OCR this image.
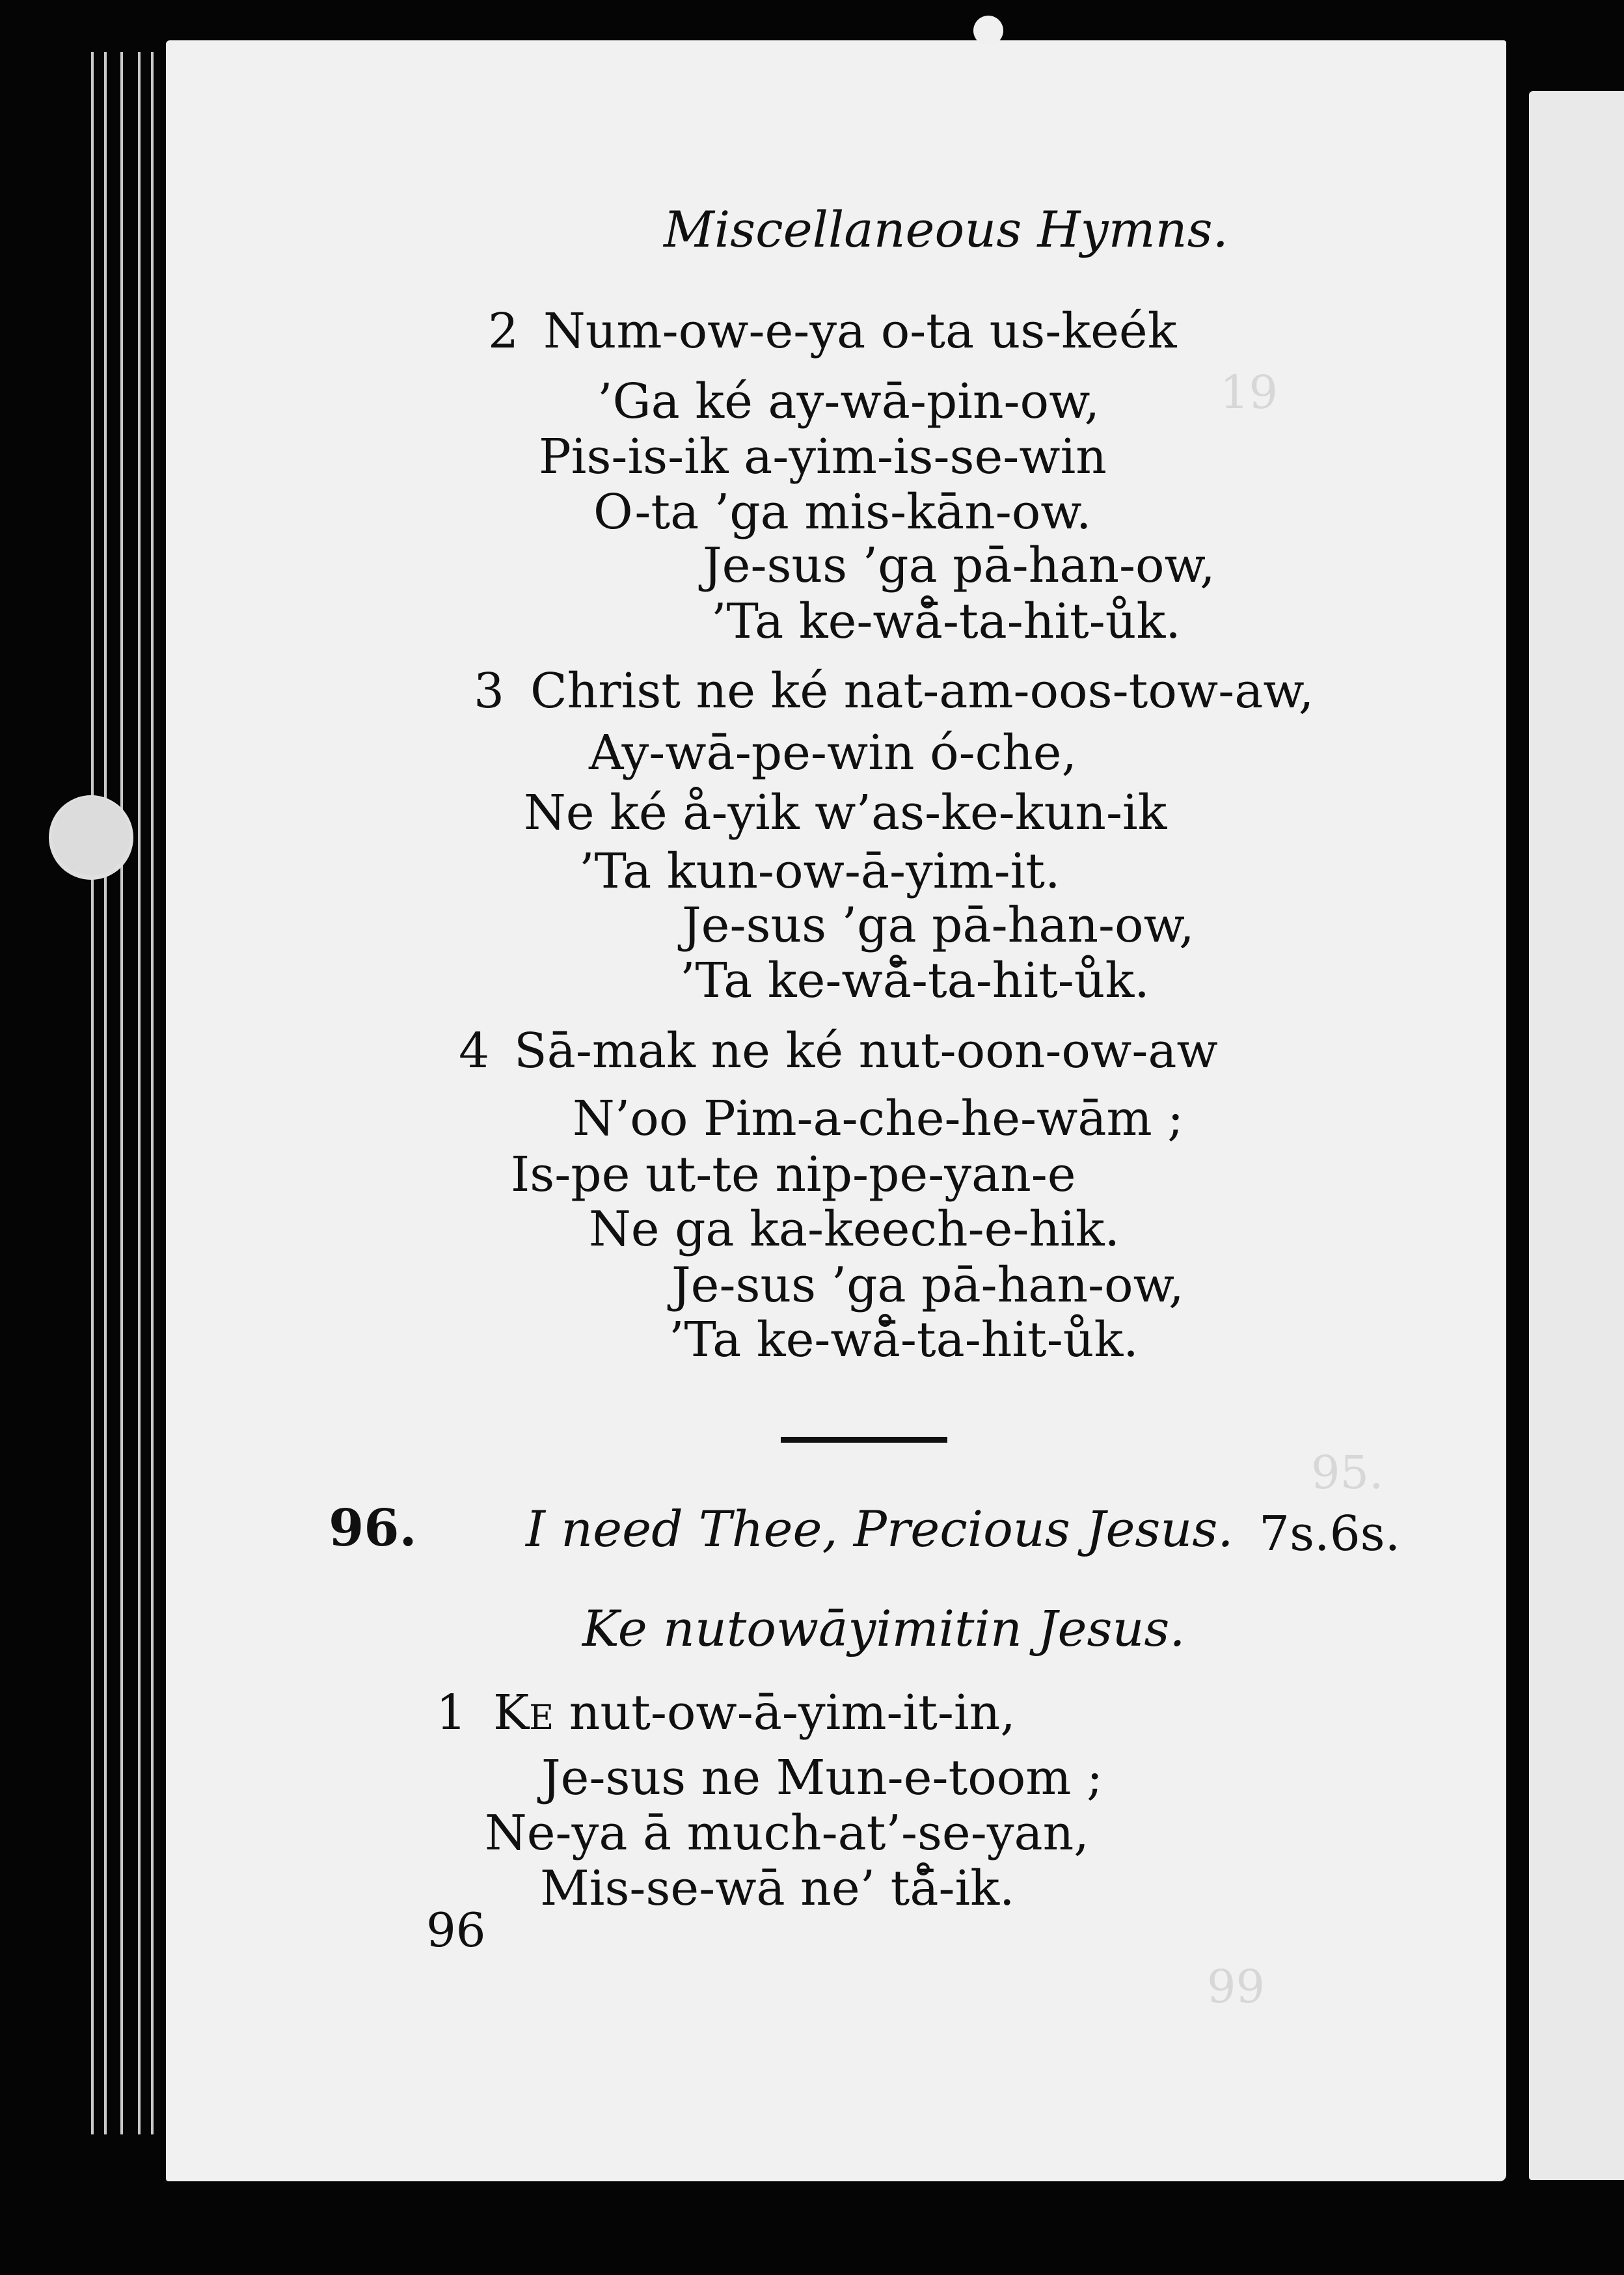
19
95.
99

Miscellaneous Hymns.

2 Num-ow-e-ya o-ta us-keék

’Ga ké ay-wā-pin-ow,

Pis-is-ik a-yim-is-se-win

O-ta ’ga mis-kān-ow.

Je-sus ’ga pā-han-ow,

’Ta ke-wå̄-ta-hit-ůk.

3 Christ ne ké nat-am-oos-tow-aw,

Ay-wā-pe-win ó-che,

Ne ké å-yik w’as-ke-kun-ik

’Ta kun-ow-ā-yim-it.

Je-sus ’ga pā-han-ow,

’Ta ke-wå̄-ta-hit-ůk.

4 Sā-mak ne ké nut-oon-ow-aw

N’oo Pim-a-che-he-wām ;

Is-pe ut-te nip-pe-yan-e

Ne ga ka-keech-e-hik.

Je-sus ’ga pā-han-ow,

’Ta ke-wå̄-ta-hit-ůk.

96. I need Thee, Precious Jesus. 7s.6s.

Ke nutowāyimitin Jesus.

1 Ke nut-ow-ā-yim-it-in,

Je-sus ne Mun-e-toom ;

Ne-ya ā much-at’-se-yan,

Mis-se-wā ne’ tå̄-ik.

96
